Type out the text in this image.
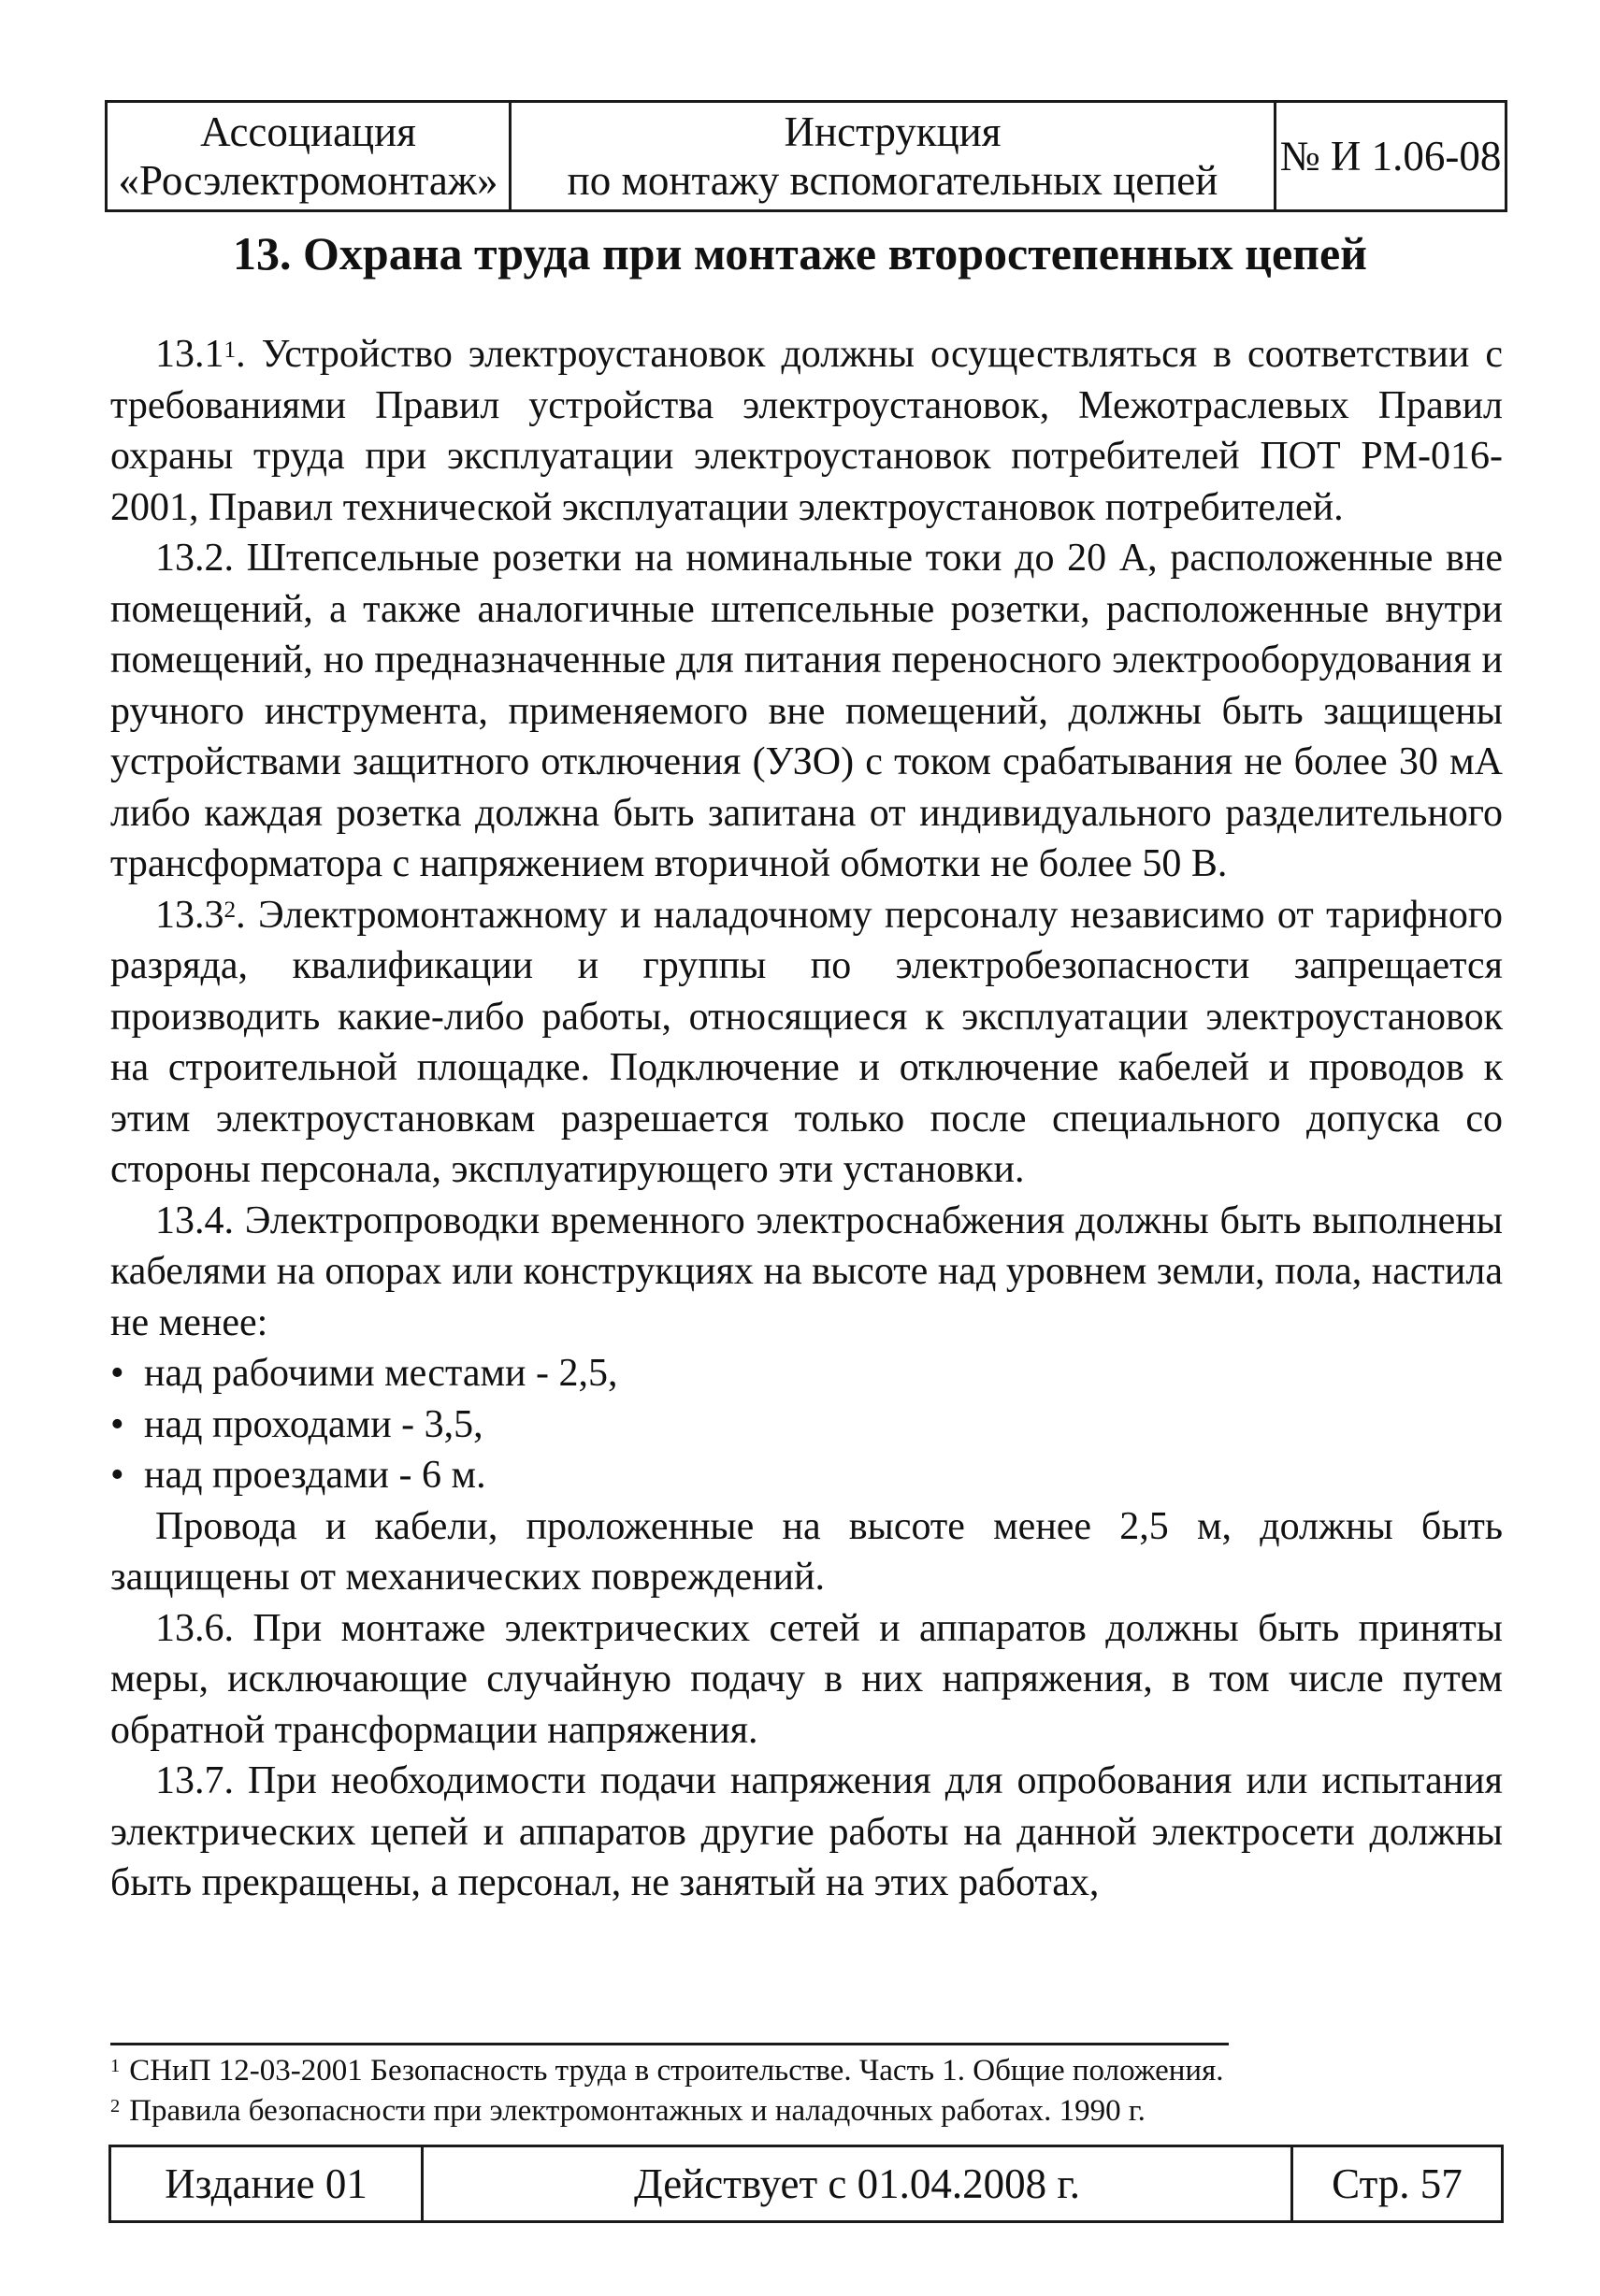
Ассоциация
«Росэлектромонтаж»
Инструкция
по монтажу вспомогательных цепей
№ И 1.06-08
13. Охрана труда при монтаже второстепенных цепей

13.1$^1$. Устройство электроустановок должны осуществляться в соответствии с требованиями Правил устройства электроустановок, Межотраслевых Правил охраны труда при эксплуатации электроустановок потребителей ПОТ РМ-016-2001, Правил технической эксплуатации электроустановок потребителей.

13.2. Штепсельные розетки на номинальные токи до 20 А, расположенные вне помещений, а также аналогичные штепсельные розетки, расположенные внутри помещений, но предназначенные для питания переносного электрооборудования и ручного инструмента, применяемого вне помещений, должны быть защищены устройствами защитного отключения (УЗО) с током срабатывания не более 30 мА либо каждая розетка должна быть запитана от индивидуального разделительного трансформатора с напряжением вторичной обмотки не более 50 В.

13.3$^2$. Электромонтажному и наладочному персоналу независимо от тарифного разряда, квалификации и группы по электробезопасности запрещается производить какие-либо работы, относящиеся к эксплуатации электроустановок на строительной площадке. Подключение и отключение кабелей и проводов к этим электроустановкам разрешается только после специального допуска со стороны персонала, эксплуатирующего эти установки.

13.4. Электропроводки временного электроснабжения должны быть выполнены кабелями на опорах или конструкциях на высоте над уровнем земли, пола, настила не менее:

• над рабочими местами - 2,5,
• над проходами - 3,5,
• над проездами - 6 м.

Провода и кабели, проложенные на высоте менее 2,5 м, должны быть защищены от механических повреждений.

13.6. При монтаже электрических сетей и аппаратов должны быть приняты меры, исключающие случайную подачу в них напряжения, в том числе путем обратной трансформации напряжения.

13.7. При необходимости подачи напряжения для опробования или испытания электрических цепей и аппаратов другие работы на данной электросети должны быть прекращены, а персонал, не занятый на этих работах,

$^1$ СНиП 12-03-2001 Безопасность труда в строительстве. Часть 1. Общие положения.

$^2$ Правила безопасности при электромонтажных и наладочных работах. 1990 г.

Издание 01	Действует с 01.04.2008 г.	Стр. 57
